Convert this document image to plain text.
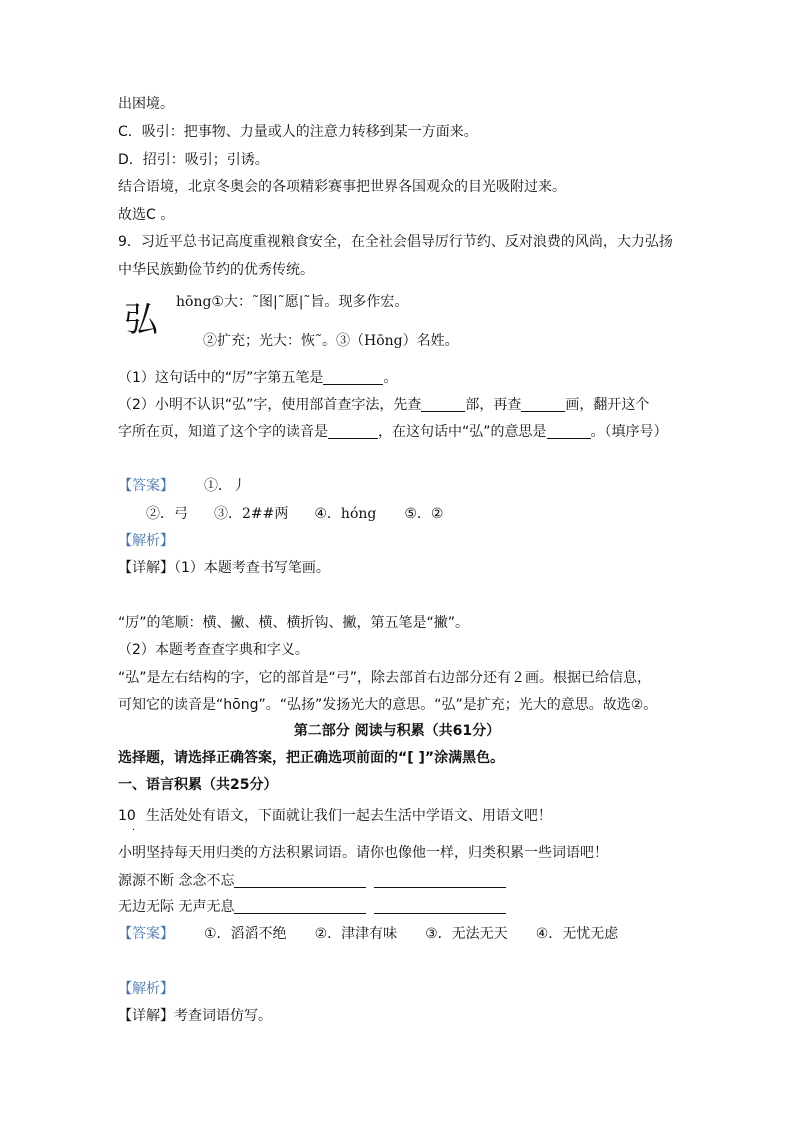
出困境。
C．吸引：把事物、力量或人的注意力转移到某一方面来。
D．招引：吸引；引诱。
结合语境，北京冬奥会的各项精彩赛事把世界各国观众的目光吸附过来。
故选C 。
9．习近平总书记高度重视粮食安全，在全社会倡导厉行节约、反对浪费的风尚，大力弘扬
中华民族勤俭节约的优秀传统。
弘 hōng①大：˜图|˜愿|˜旨。现多作宏。
②扩充；光大：恢˜。③（Hōng）名姓。
（1）这句话中的“厉”字第五笔是	。
（2）小明不认识“弘”字，使用部首查字法，先查	部，再查	画，翻开这个
字所在页，知道了这个字的读音是	，在这句话中“弘”的意思是	。（填序号）
【答案】 ①．丿
②．弓 ③．2##两 ④．hóng ⑤．②
【解析】
【详解】（1）本题考查书写笔画。
“厉”的笔顺：横、撇、横、横折钩、撇，第五笔是“撇”。
（2）本题考查查字典和字义。
“弘”是左右结构的字，它的部首是“弓”，除去部首右边部分还有２画。根据已给信息，
可知它的读音是“hōng”。“弘扬”发扬光大的意思。“弘”是扩充；光大的意思。故选②。
第二部分 阅读与积累（共61分）
选择题，请选择正确答案，把正确选项前面的“[ ]”涂满黑色。
一、语言积累（共25分）
10 生活处处有语文，下面就让我们一起去生活中学语文、用语文吧！
．
小明坚持每天用归类的方法积累词语。请你也像他一样，归类积累一些词语吧！
源源不断 念念不忘
无边无际 无声无息
【答案】 ①．滔滔不绝 ②．津津有味 ③．无法无天 ④．无忧无虑
【解析】
【详解】考查词语仿写。
